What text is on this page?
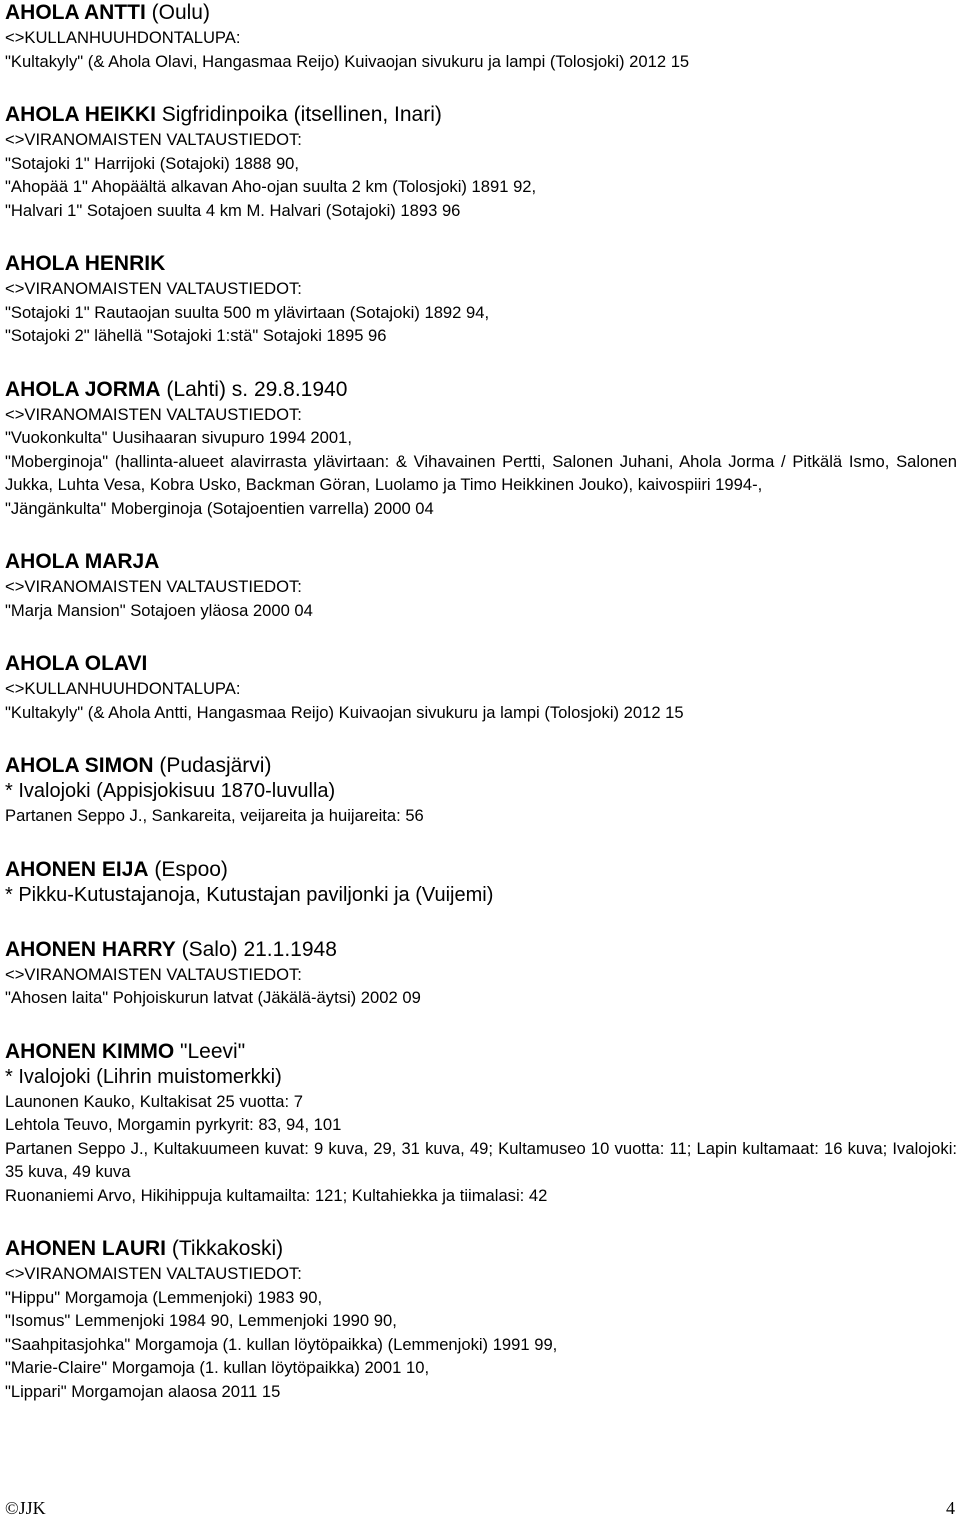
AHOLA ANTTI (Oulu)
<>KULLANHUUHDONTALUPA:
"Kultakyly" (& Ahola Olavi, Hangasmaa Reijo) Kuivaojan sivukuru ja lampi (Tolosjoki) 2012 15
AHOLA HEIKKI Sigfridinpoika (itsellinen, Inari)
<>VIRANOMAISTEN VALTAUSTIEDOT:
"Sotajoki 1" Harrijoki (Sotajoki) 1888 90,
"Ahopää 1" Ahopäältä alkavan Aho-ojan suulta 2 km (Tolosjoki) 1891 92,
"Halvari 1" Sotajoen suulta 4 km M. Halvari (Sotajoki) 1893 96
AHOLA HENRIK
<>VIRANOMAISTEN VALTAUSTIEDOT:
"Sotajoki 1" Rautaojan suulta 500 m ylävirtaan (Sotajoki) 1892 94,
"Sotajoki 2" lähellä "Sotajoki 1:stä" Sotajoki 1895 96
AHOLA JORMA (Lahti) s. 29.8.1940
<>VIRANOMAISTEN VALTAUSTIEDOT:
"Vuokonkulta" Uusihaaran sivupuro 1994 2001,
"Moberginoja" (hallinta-alueet alavirrasta ylävirtaan: & Vihavainen Pertti, Salonen Juhani, Ahola Jorma / Pitkälä Ismo, Salonen Jukka, Luhta Vesa, Kobra Usko, Backman Göran, Luolamo ja Timo Heikkinen Jouko), kaivospiiri 1994-,
"Jängänkulta" Moberginoja (Sotajoentien varrella) 2000 04
AHOLA MARJA
<>VIRANOMAISTEN VALTAUSTIEDOT:
"Marja Mansion" Sotajoen yläosa 2000 04
AHOLA OLAVI
<>KULLANHUUHDONTALUPA:
"Kultakyly" (& Ahola Antti, Hangasmaa Reijo) Kuivaojan sivukuru ja lampi (Tolosjoki) 2012 15
AHOLA SIMON (Pudasjärvi)
* Ivalojoki (Appisjokisuu 1870-luvulla)
Partanen Seppo J., Sankareita, veijareita ja huijareita: 56
AHONEN EIJA (Espoo)
* Pikku-Kutustajanoja, Kutustajan paviljonki ja (Vuijemi)
AHONEN HARRY (Salo) 21.1.1948
<>VIRANOMAISTEN VALTAUSTIEDOT:
"Ahosen laita" Pohjoiskurun latvat (Jäkälä-äytsi) 2002 09
AHONEN KIMMO "Leevi"
* Ivalojoki (Lihrin muistomerkki)
Launonen Kauko, Kultakisat 25 vuotta: 7
Lehtola Teuvo, Morgamin pyrkyrit: 83, 94, 101
Partanen Seppo J., Kultakuumeen kuvat: 9 kuva, 29, 31 kuva, 49; Kultamuseo 10 vuotta: 11; Lapin kultamaat: 16 kuva; Ivalojoki: 35 kuva, 49 kuva
Ruonaniemi Arvo, Hikihippuja kultamailta: 121; Kultahiekka ja tiimalasi: 42
AHONEN LAURI (Tikkakoski)
<>VIRANOMAISTEN VALTAUSTIEDOT:
"Hippu" Morgamoja (Lemmenjoki) 1983 90,
"Isomus" Lemmenjoki 1984 90, Lemmenjoki 1990 90,
"Saahpitasjohka" Morgamoja (1. kullan löytöpaikka) (Lemmenjoki) 1991 99,
"Marie-Claire" Morgamoja (1. kullan löytöpaikka) 2001 10,
"Lippari" Morgamojan alaosa 2011 15
©JJK	4
